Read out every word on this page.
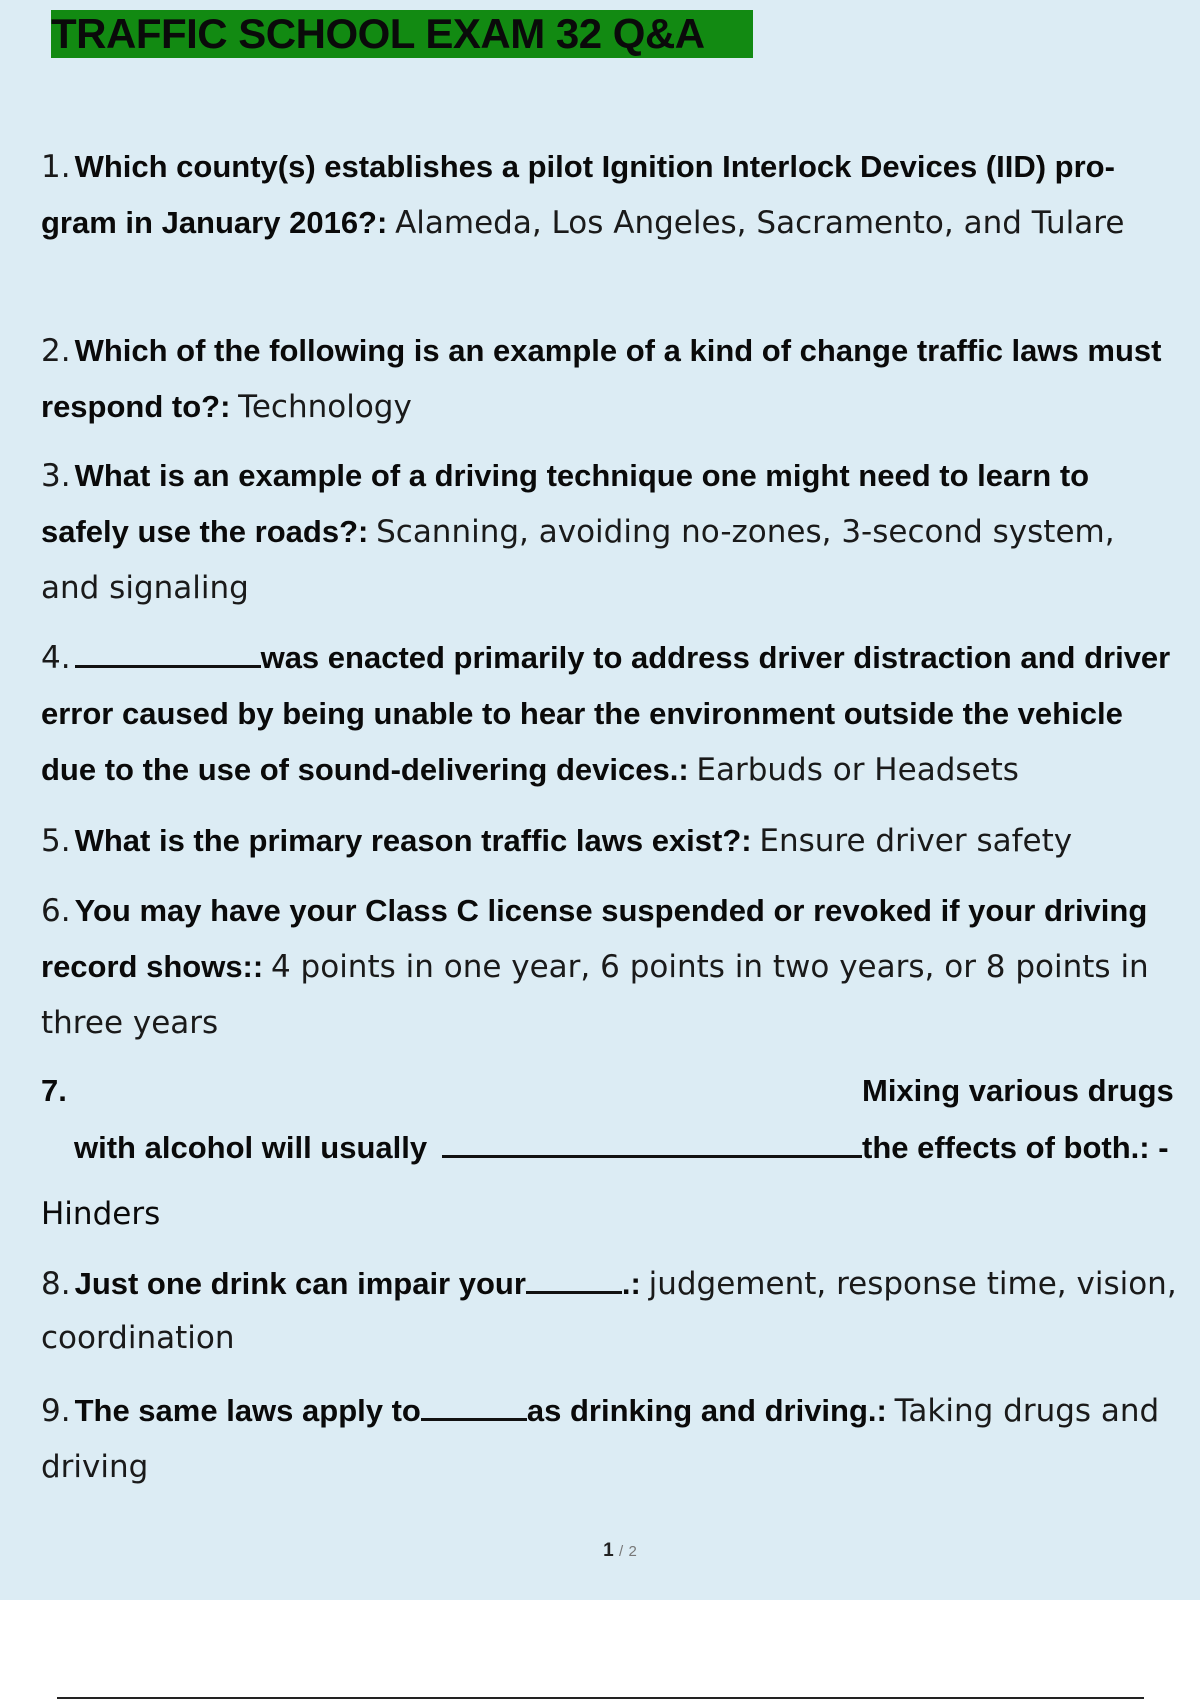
TRAFFIC SCHOOL EXAM 32 Q&A
1. Which county(s) establishes a pilot Ignition Interlock Devices (IID) pro- gram in January 2016?: Alameda, Los Angeles, Sacramento, and Tulare
2. Which of the following is an example of a kind of change traffic laws must respond to?: Technology
3. What is an example of a driving technique one might need to learn to safely use the roads?: Scanning, avoiding no-zones, 3-second system, and signaling
4.	was enacted primarily to address driver distraction and driver error caused by being unable to hear the environment outside the vehicle due to the use of sound-delivering devices.: Earbuds or Headsets
5. What is the primary reason traffic laws exist?: Ensure driver safety
6. You may have your Class C license suspended or revoked if your driving record shows:: 4 points in one year, 6 points in two years, or 8 points in three years
7.	Mixing various drugs
with alcohol will usually	the effects of both.: -
Hinders
8. Just one drink can impair your	.: judgement, response time, vision, coordination
9. The same laws apply to	as drinking and driving.: Taking drugs and driving
1 / 2
